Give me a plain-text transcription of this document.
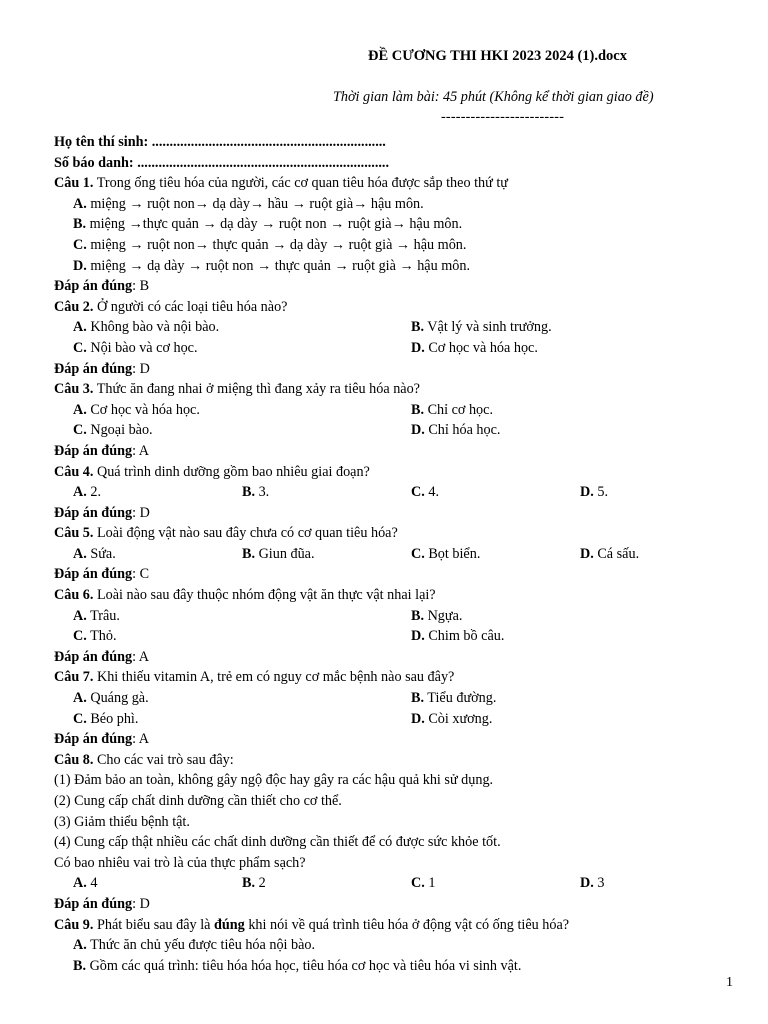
ĐỀ CƯƠNG THI HKI 2023 2024 (1).docx
Thời gian làm bài: 45 phút (Không kể thời gian giao đề)
-------------------------
Họ tên thí sinh: ..................................................................
Số báo danh: .......................................................................
Câu 1. Trong ống tiêu hóa của người, các cơ quan tiêu hóa được sắp theo thứ tự
A. miệng → ruột non→ dạ dày→ hầu → ruột già→ hậu môn.
B. miệng →thực quản → dạ dày → ruột non → ruột già→ hậu môn.
C. miệng → ruột non→ thực quản → dạ dày → ruột già → hậu môn.
D. miệng → dạ dày → ruột non → thực quản → ruột già → hậu môn.
Đáp án đúng: B
Câu 2. Ở người có các loại tiêu hóa nào?
A. Không bào và nội bào.	B. Vật lý và sinh trưởng.
C. Nội bào và cơ học.	D. Cơ học và hóa học.
Đáp án đúng: D
Câu 3. Thức ăn đang nhai ở miệng thì đang xảy ra tiêu hóa nào?
A. Cơ học và hóa học.	B. Chỉ cơ học.
C. Ngoại bào.	D. Chỉ hóa học.
Đáp án đúng: A
Câu 4. Quá trình dinh dưỡng gồm bao nhiêu giai đoạn?
A. 2.	B. 3.	C. 4.	D. 5.
Đáp án đúng: D
Câu 5. Loài động vật nào sau đây chưa có cơ quan tiêu hóa?
A. Sứa.	B. Giun đũa.	C. Bọt biển.	D. Cá sấu.
Đáp án đúng: C
Câu 6. Loài nào sau đây thuộc nhóm động vật ăn thực vật nhai lại?
A. Trâu.	B. Ngựa.
C. Thỏ.	D. Chim bồ câu.
Đáp án đúng: A
Câu 7. Khi thiếu vitamin A, trẻ em có nguy cơ mắc bệnh nào sau đây?
A. Quáng gà.	B. Tiểu đường.
C. Béo phì.	D. Còi xương.
Đáp án đúng: A
Câu 8. Cho các vai trò sau đây:
(1) Đảm bảo an toàn, không gây ngộ độc hay gây ra các hậu quả khi sử dụng.
(2) Cung cấp chất dinh dưỡng cần thiết cho cơ thể.
(3) Giảm thiểu bệnh tật.
(4) Cung cấp thật nhiều các chất dinh dưỡng cần thiết để có được sức khỏe tốt.
Có bao nhiêu vai trò là của thực phẩm sạch?
A. 4	B. 2	C. 1	D. 3
Đáp án đúng: D
Câu 9. Phát biểu sau đây là đúng khi nói về quá trình tiêu hóa ở động vật có ống tiêu hóa?
A. Thức ăn chủ yếu được tiêu hóa nội bào.
B. Gồm các quá trình: tiêu hóa hóa học, tiêu hóa cơ học và tiêu hóa vi sinh vật.
1
